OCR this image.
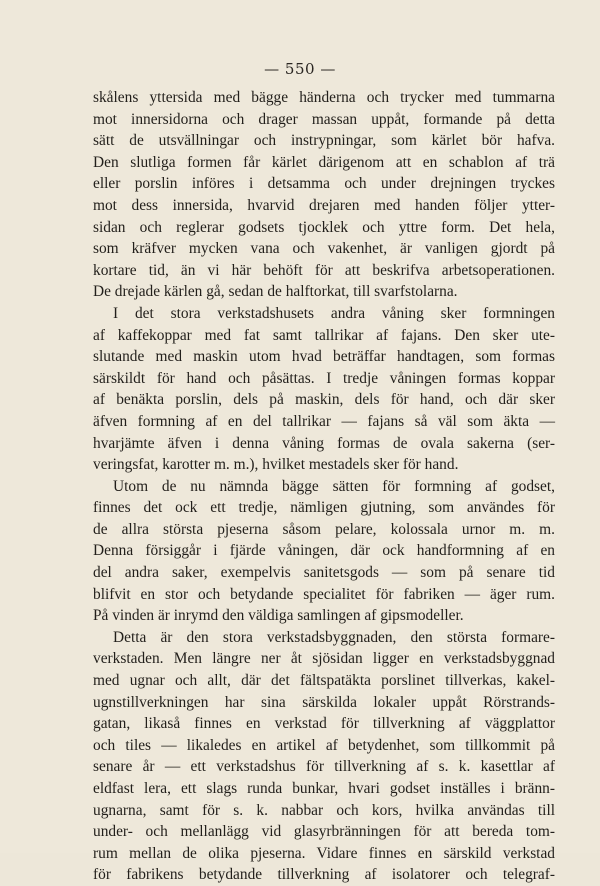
— 550 —
skålens yttersida med bägge händerna och trycker med tummarna
mot innersidorna och drager massan uppåt, formande på detta
sätt de utsvällningar och instrypningar, som kärlet bör hafva.
Den slutliga formen får kärlet därigenom att en schablon af trä
eller porslin införes i detsamma och under drejningen tryckes
mot dess innersida, hvarvid drejaren med handen följer ytter-
sidan och reglerar godsets tjocklek och yttre form. Det hela,
som kräfver mycken vana och vakenhet, är vanligen gjordt på
kortare tid, än vi här behöft för att beskrifva arbetsoperationen.
De drejade kärlen gå, sedan de halftorkat, till svarfstolarna.
I det stora verkstadshusets andra våning sker formningen
af kaffekoppar med fat samt tallrikar af fajans. Den sker ute-
slutande med maskin utom hvad beträffar handtagen, som formas
särskildt för hand och påsättas. I tredje våningen formas koppar
af benäkta porslin, dels på maskin, dels för hand, och där sker
äfven formning af en del tallrikar — fajans så väl som äkta —
hvarjämte äfven i denna våning formas de ovala sakerna (ser-
veringsfat, karotter m. m.), hvilket mestadels sker för hand.
Utom de nu nämnda bägge sätten för formning af godset,
finnes det ock ett tredje, nämligen gjutning, som användes för
de allra största pjeserna såsom pelare, kolossala urnor m. m.
Denna försiggår i fjärde våningen, där ock handformning af en
del andra saker, exempelvis sanitetsgods — som på senare tid
blifvit en stor och betydande specialitet för fabriken — äger rum.
På vinden är inrymd den väldiga samlingen af gipsmodeller.
Detta är den stora verkstadsbyggnaden, den största formare-
verkstaden. Men längre ner åt sjösidan ligger en verkstadsbyggnad
med ugnar och allt, där det fältspatäkta porslinet tillverkas, kakel-
ugnstillverkningen har sina särskilda lokaler uppåt Rörstrands-
gatan, likaså finnes en verkstad för tillverkning af väggplattor
och tiles — likaledes en artikel af betydenhet, som tillkommit på
senare år — ett verkstadshus för tillverkning af s. k. kasettlar af
eldfast lera, ett slags runda bunkar, hvari godset inställes i bränn-
ugnarna, samt för s. k. nabbar och kors, hvilka användas till
under- och mellanlägg vid glasyrbränningen för att bereda tom-
rum mellan de olika pjeserna. Vidare finnes en särskild verkstad
för fabrikens betydande tillverkning af isolatorer och telegraf-
